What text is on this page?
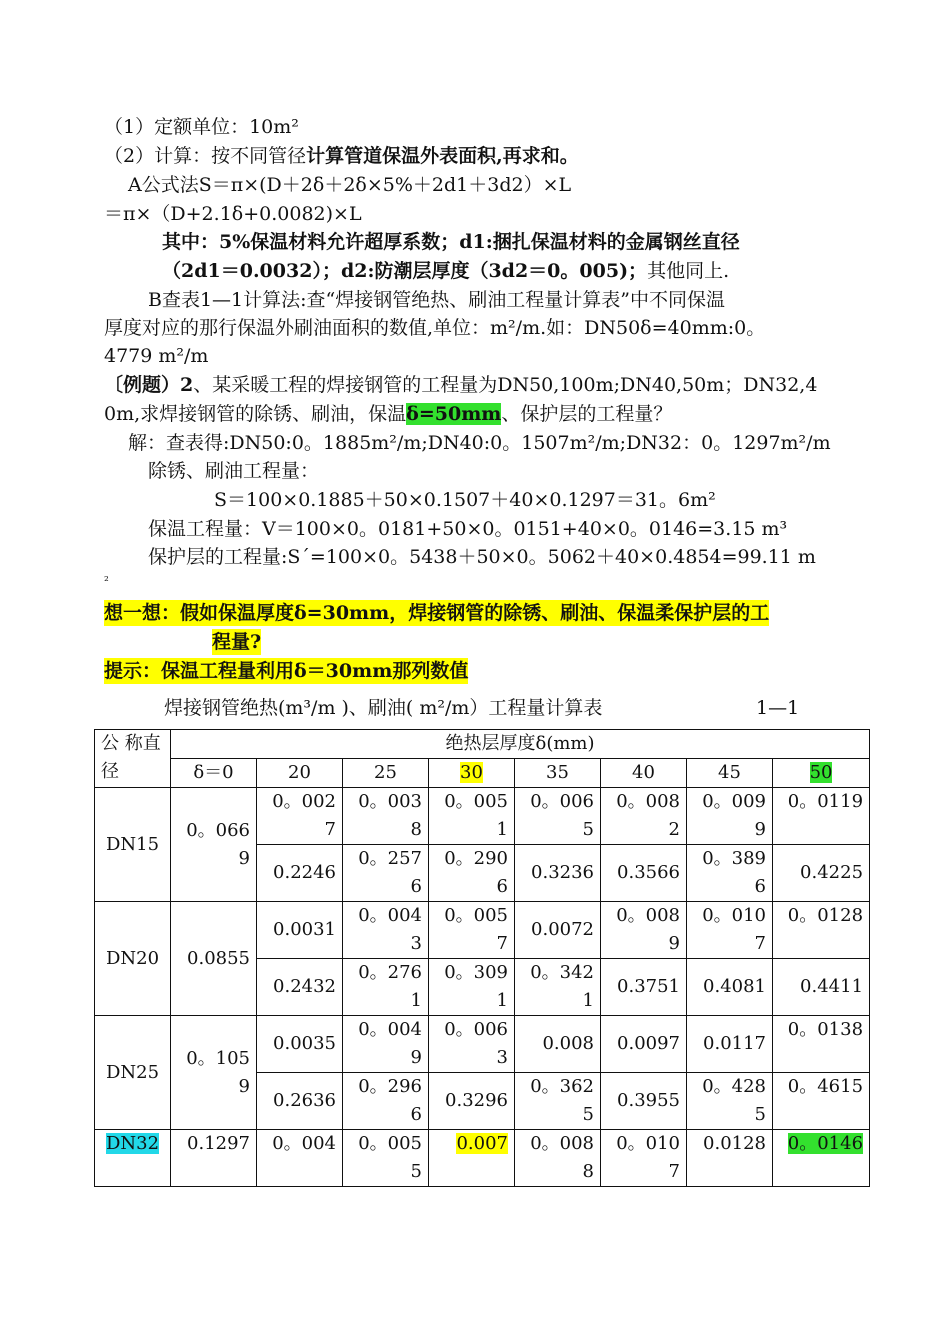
（1）定额单位：10m²
（2）计算：按不同管径计算管道保温外表面积,再求和。
A公式法S＝π×(D＋2δ＋2δ×5%＋2d1＋3d2）×L
＝π×（D+2.1δ+0.0082)×L
其中：5%保温材料允许超厚系数；d1:捆扎保温材料的金属钢丝直径
（2d1＝0.0032）；d2:防潮层厚度（3d2＝0。005)；其他同上.
B查表1—1计算法:查“焊接钢管绝热、刷油工程量计算表”中不同保温
厚度对应的那行保温外刷油面积的数值,单位：m²/m.如：DN50δ=40mm:0。
4779 m²/m
〔例题）2、某采暖工程的焊接钢管的工程量为DN50,100m;DN40,50m；DN32,4
0m,求焊接钢管的除锈、刷油，保温δ=50mm、保护层的工程量？
解：查表得:DN50:0。1885m²/m;DN40:0。1507m²/m;DN32：0。1297m²/m
除锈、刷油工程量：
S＝100×0.1885＋50×0.1507＋40×0.1297＝31。6m²
保温工程量：V＝100×0。0181+50×0。0151+40×0。0146=3.15 m³
保护层的工程量:S´=100×0。5438＋50×0。5062＋40×0.4854=99.11 m
²
想一想：假如保温厚度δ=30mm，焊接钢管的除锈、刷油、保温柔保护层的工
程量?
提示：保温工程量利用δ＝30mm那列数值
焊接钢管绝热(m³/m )、刷油( m²/m）工程量计算表	1—1
公 称直径	绝热层厚度δ(mm)							
	δ＝0	20	25	30	35	40	45	50
DN15	0。0669	0。0027	0。0038	0。0051	0。0065	0。0082	0。0099	0。0119
		0.2246	0。2576	0。2906	0.3236	0.3566	0。3896	0.4225
DN20	0.0855	0.0031	0。0043	0。0057	0.0072	0。0089	0。0107	0。0128
		0.2432	0。2761	0。3091	0。3421	0.3751	0.4081	0.4411
DN25	0。1059	0.0035	0。0049	0。0063	0.008	0.0097	0.0117	0。0138
		0.2636	0。2966	0.3296	0。3625	0.3955	0。4285	0。4615
DN32	0.1297	0。004	0。0055	0.007	0。0088	0。0107	0.0128	0。0146
